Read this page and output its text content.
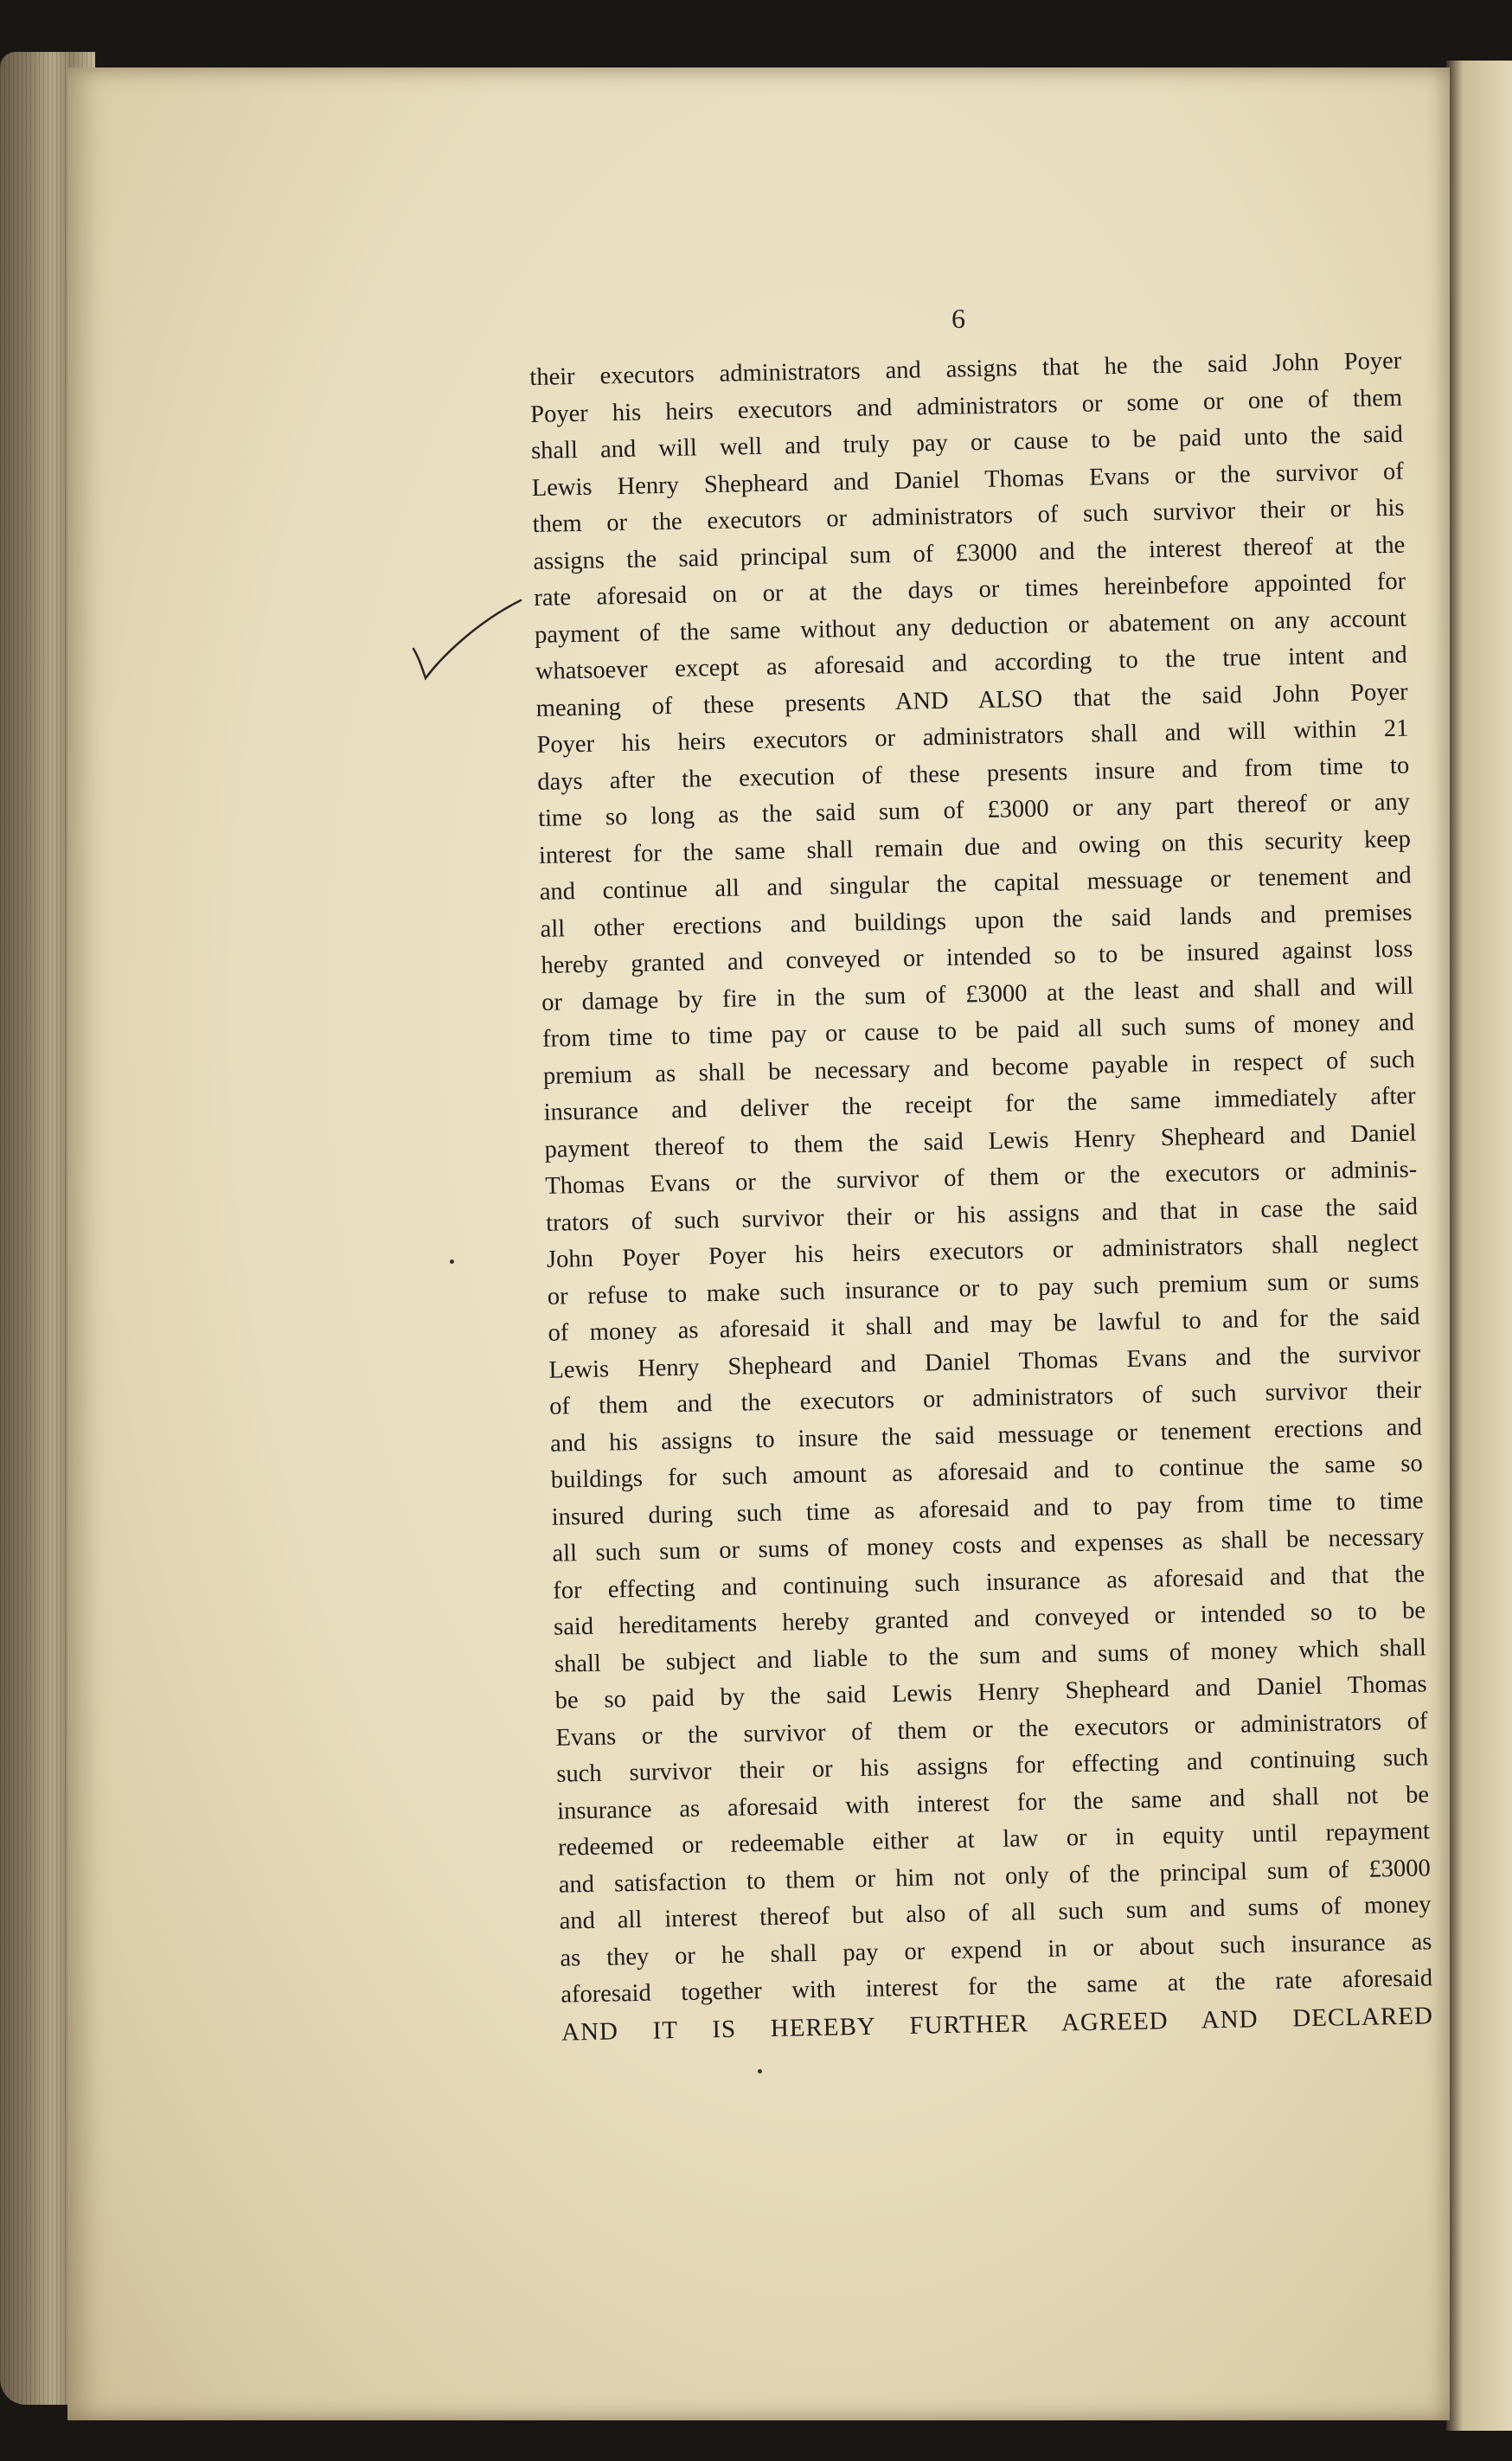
6
their executors administrators and assigns that he the said John Poyer
Poyer his heirs executors and administrators or some or one of them
shall and will well and truly pay or cause to be paid unto the said
Lewis Henry Shepheard and Daniel Thomas Evans or the survivor of
them or the executors or administrators of such survivor their or his
assigns the said principal sum of £3000 and the interest thereof at the
rate aforesaid on or at the days or times hereinbefore appointed for
payment of the same without any deduction or abatement on any account
whatsoever except as aforesaid and according to the true intent and
meaning of these presents AND ALSO that the said John Poyer
Poyer his heirs executors or administrators shall and will within 21
days after the execution of these presents insure and from time to
time so long as the said sum of £3000 or any part thereof or any
interest for the same shall remain due and owing on this security keep
and continue all and singular the capital messuage or tenement and
all other erections and buildings upon the said lands and premises
hereby granted and conveyed or intended so to be insured against loss
or damage by fire in the sum of £3000 at the least and shall and will
from time to time pay or cause to be paid all such sums of money and
premium as shall be necessary and become payable in respect of such
insurance and deliver the receipt for the same immediately after
payment thereof to them the said Lewis Henry Shepheard and Daniel
Thomas Evans or the survivor of them or the executors or adminis-
trators of such survivor their or his assigns and that in case the said
John Poyer Poyer his heirs executors or administrators shall neglect
or refuse to make such insurance or to pay such premium sum or sums
of money as aforesaid it shall and may be lawful to and for the said
Lewis Henry Shepheard and Daniel Thomas Evans and the survivor
of them and the executors or administrators of such survivor their
and his assigns to insure the said messuage or tenement erections and
buildings for such amount as aforesaid and to continue the same so
insured during such time as aforesaid and to pay from time to time
all such sum or sums of money costs and expenses as shall be necessary
for effecting and continuing such insurance as aforesaid and that the
said hereditaments hereby granted and conveyed or intended so to be
shall be subject and liable to the sum and sums of money which shall
be so paid by the said Lewis Henry Shepheard and Daniel Thomas
Evans or the survivor of them or the executors or administrators of
such survivor their or his assigns for effecting and continuing such
insurance as aforesaid with interest for the same and shall not be
redeemed or redeemable either at law or in equity until repayment
and satisfaction to them or him not only of the principal sum of £3000
and all interest thereof but also of all such sum and sums of money
as they or he shall pay or expend in or about such insurance as
aforesaid together with interest for the same at the rate aforesaid
AND IT IS HEREBY FURTHER AGREED AND DECLARED
